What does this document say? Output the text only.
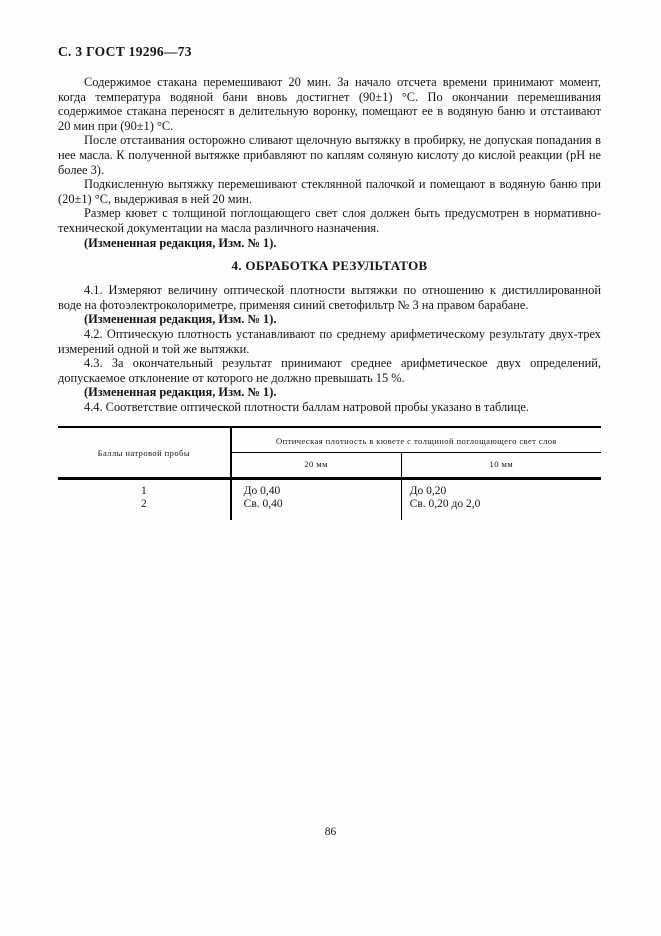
С. 3 ГОСТ 19296—73

Содержимое стакана перемешивают 20 мин. За начало отсчета времени принимают момент, когда температура водяной бани вновь достигнет (90±1) °С. По окончании перемешивания содержимое стакана переносят в делительную воронку, помещают ее в водяную баню и отстаивают 20 мин при (90±1) °С.

После отстаивания осторожно сливают щелочную вытяжку в пробирку, не допуская попадания в нее масла. К полученной вытяжке прибавляют по каплям соляную кислоту до кислой реакции (рН не более 3).

Подкисленную вытяжку перемешивают стеклянной палочкой и помещают в водяную баню при (20±1) °С, выдерживая в ней 20 мин.

Размер кювет с толщиной поглощающего свет слоя должен быть предусмотрен в нормативно-технической документации на масла различного назначения.

(Измененная редакция, Изм. № 1).

4. ОБРАБОТКА РЕЗУЛЬТАТОВ

4.1. Измеряют величину оптической плотности вытяжки по отношению к дистиллированной воде на фотоэлектроколориметре, применяя синий светофильтр № 3 на правом барабане.

(Измененная редакция, Изм. № 1).

4.2. Оптическую плотность устанавливают по среднему арифметическому результату двух-трех измерений одной и той же вытяжки.

4.3. За окончательный результат принимают среднее арифметическое двух определений, допускаемое отклонение от которого не должно превышать 15 %.

(Измененная редакция, Изм. № 1).

4.4. Соответствие оптической плотности баллам натровой пробы указано в таблице.

Баллы натровой пробы	Оптическая плотность в кювете с толщиной поглощающего свет слоя	
	20 мм	10 мм
1	До 0,40	До 0,20
2	Св. 0,40	Св. 0,20 до 2,0
86
